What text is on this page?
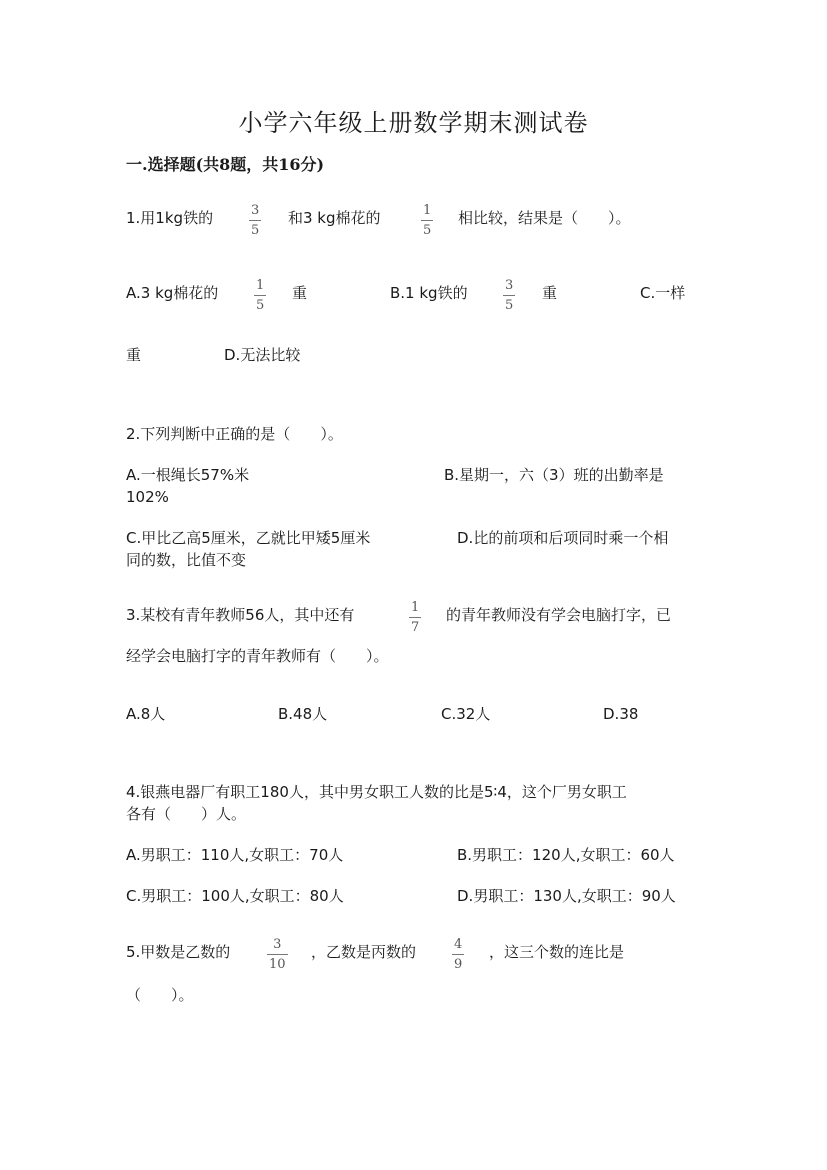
小学六年级上册数学期末测试卷
一.选择题(共8题，共16分)
1.用1kg铁的	3
5
和3 kg棉花的	1
5
相比较，结果是（　　）。
A.3 kg棉花的	1
5
重	B.1 kg铁的	3
5
重	C.一样
重	D.无法比较
2.下列判断中正确的是（　　）。
A.一根绳长57%米	B.星期一，六（3）班的出勤率是
102%
C.甲比乙高5厘米，乙就比甲矮5厘米	D.比的前项和后项同时乘一个相
同的数，比值不变
3.某校有青年教师56人，其中还有	1
7
的青年教师没有学会电脑打字，已
经学会电脑打字的青年教师有（　　）。
A.8人	B.48人	C.32人	D.38
4.银燕电器厂有职工180人，其中男女职工人数的比是5∶4，这个厂男女职工
各有（　　）人。
A.男职工：110人,女职工：70人	B.男职工：120人,女职工：60人
C.男职工：100人,女职工：80人	D.男职工：130人,女职工：90人
5.甲数是乙数的	3
10
，乙数是丙数的	4
9
，这三个数的连比是
（　　）。
